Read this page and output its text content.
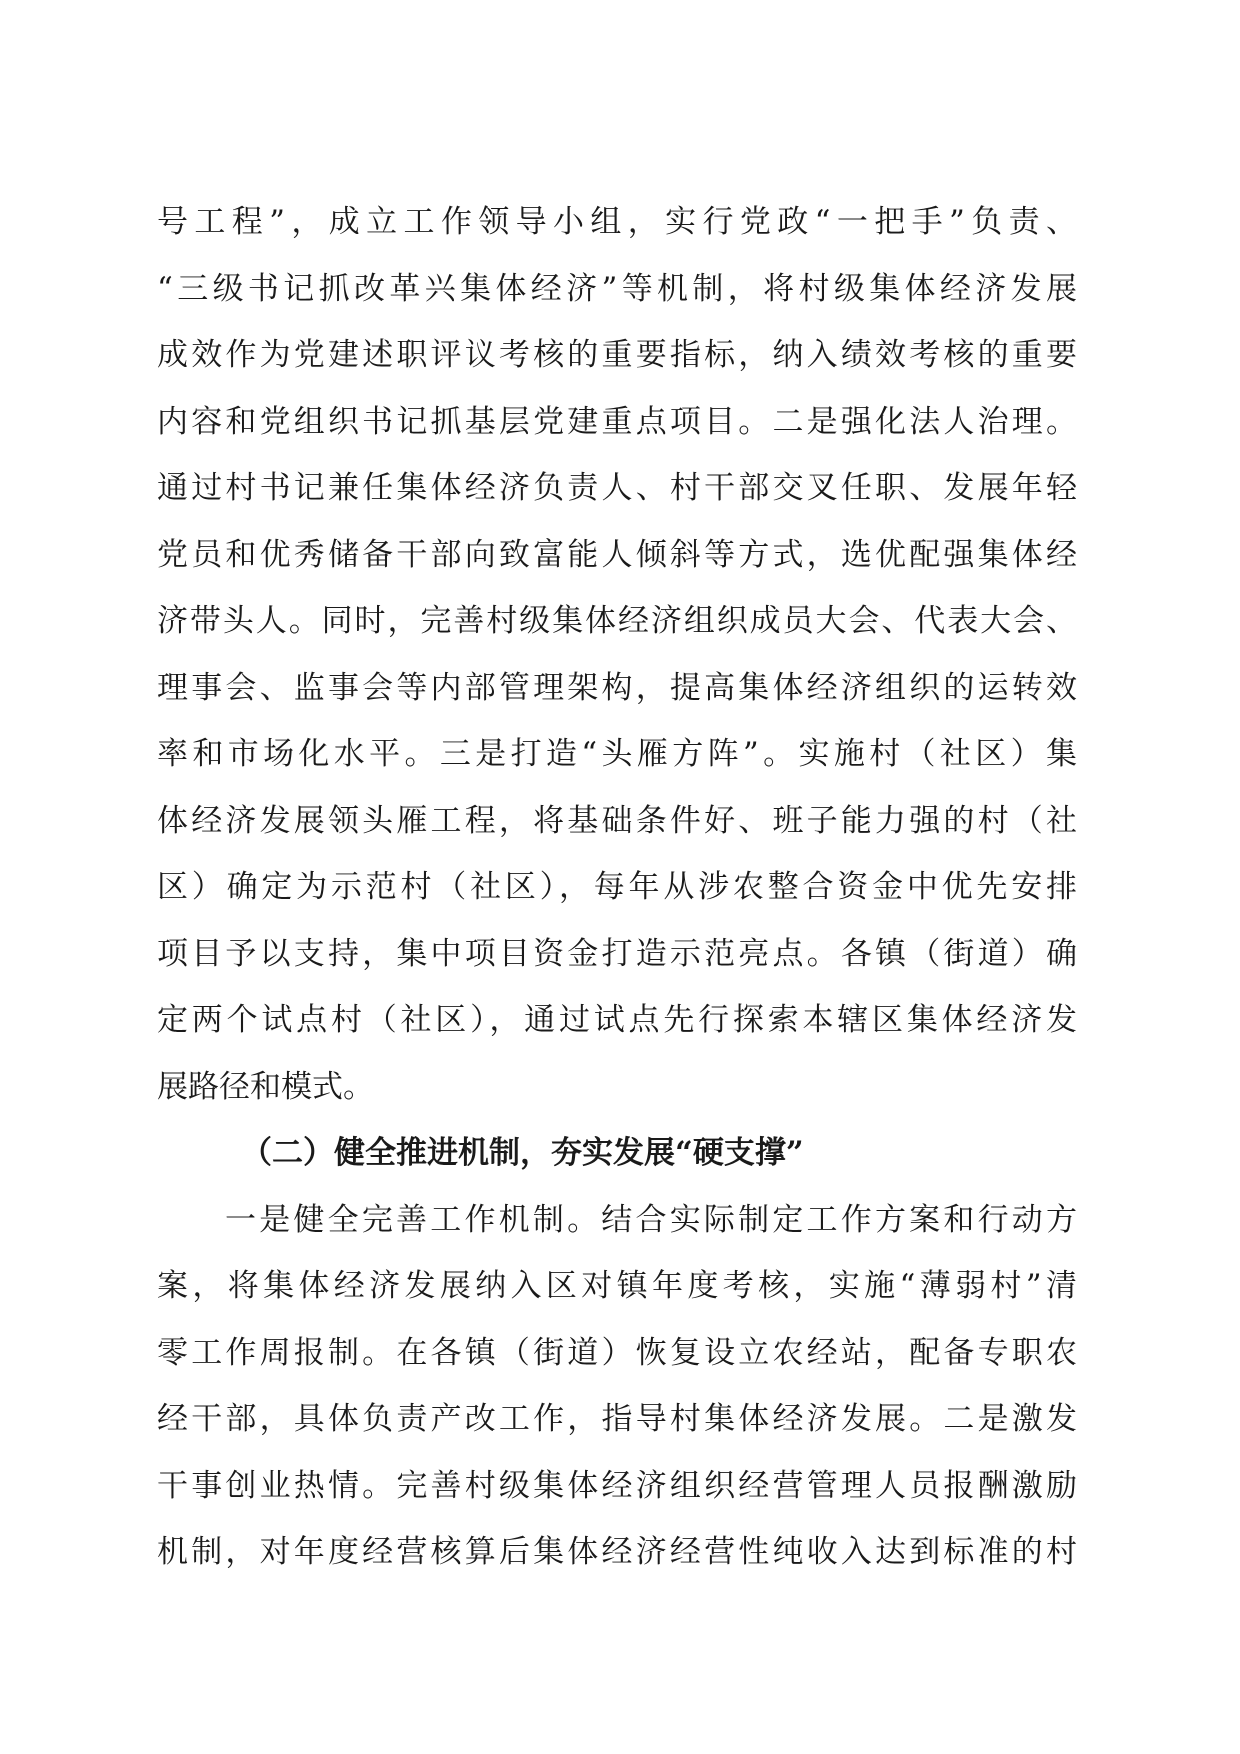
号工程”，成立工作领导小组，实行党政“一把手”负责、
“三级书记抓改革兴集体经济”等机制，将村级集体经济发展
成效作为党建述职评议考核的重要指标，纳入绩效考核的重要
内容和党组织书记抓基层党建重点项目。二是强化法人治理。
通过村书记兼任集体经济负责人、村干部交叉任职、发展年轻
党员和优秀储备干部向致富能人倾斜等方式，选优配强集体经
济带头人。同时，完善村级集体经济组织成员大会、代表大会、
理事会、监事会等内部管理架构，提高集体经济组织的运转效
率和市场化水平。三是打造“头雁方阵”。实施村（社区）集
体经济发展领头雁工程，将基础条件好、班子能力强的村（社
区）确定为示范村（社区），每年从涉农整合资金中优先安排
项目予以支持，集中项目资金打造示范亮点。各镇（街道）确
定两个试点村（社区），通过试点先行探索本辖区集体经济发
展路径和模式。
（二）健全推进机制，夯实发展“硬支撑”
一是健全完善工作机制。结合实际制定工作方案和行动方
案，将集体经济发展纳入区对镇年度考核，实施“薄弱村”清
零工作周报制。在各镇（街道）恢复设立农经站，配备专职农
经干部，具体负责产改工作，指导村集体经济发展。二是激发
干事创业热情。完善村级集体经济组织经营管理人员报酬激励
机制，对年度经营核算后集体经济经营性纯收入达到标准的村
